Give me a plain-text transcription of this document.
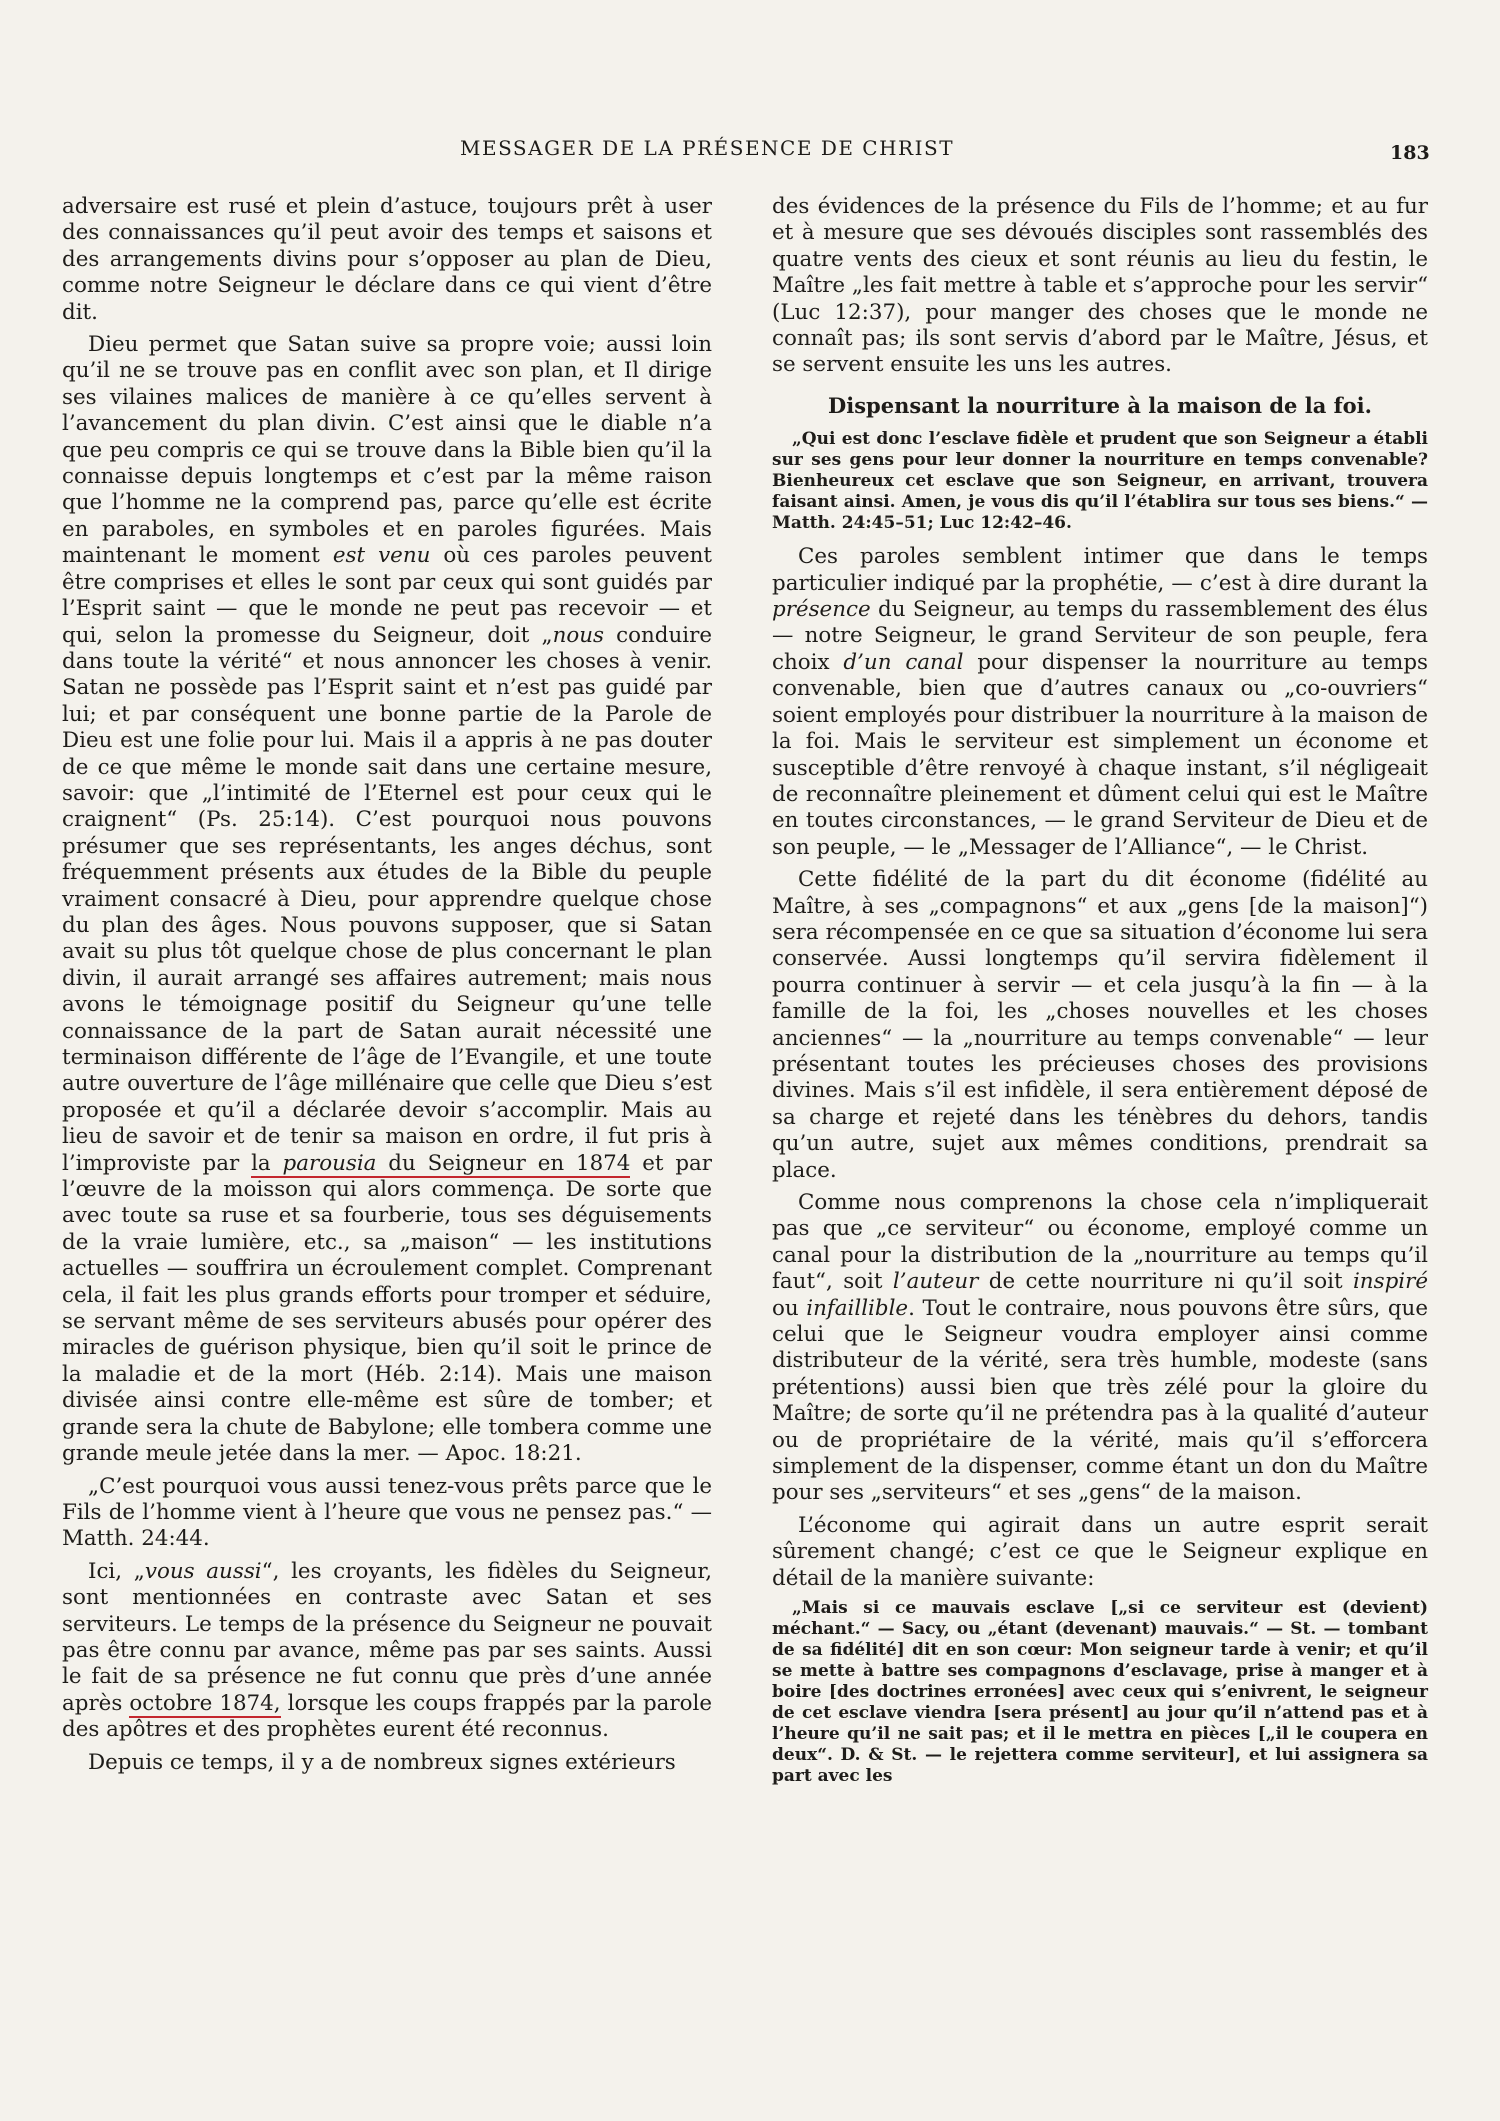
MESSAGER DE LA PRÉSENCE DE CHRIST	183

adversaire est rusé et plein d’astuce, toujours prêt à user des connaissances qu’il peut avoir des temps et saisons et des arrangements divins pour s’opposer au plan de Dieu, comme notre Seigneur le déclare dans ce qui vient d’être dit.

Dieu permet que Satan suive sa propre voie; aussi loin qu’il ne se trouve pas en conflit avec son plan, et Il dirige ses vilaines malices de manière à ce qu’elles servent à l’avancement du plan divin. C’est ainsi que le diable n’a que peu compris ce qui se trouve dans la Bible bien qu’il la connaisse depuis longtemps et c’est par la même raison que l’homme ne la comprend pas, parce qu’elle est écrite en paraboles, en symboles et en paroles figurées. Mais maintenant le moment est venu où ces paroles peuvent être comprises et elles le sont par ceux qui sont guidés par l’Esprit saint — que le monde ne peut pas recevoir — et qui, selon la promesse du Seigneur, doit „nous conduire dans toute la vérité“ et nous annoncer les choses à venir. Satan ne possède pas l’Esprit saint et n’est pas guidé par lui; et par conséquent une bonne partie de la Parole de Dieu est une folie pour lui. Mais il a appris à ne pas douter de ce que même le monde sait dans une certaine mesure, savoir: que „l’intimité de l’Eternel est pour ceux qui le craignent“ (Ps. 25:14). C’est pourquoi nous pouvons présumer que ses représentants, les anges déchus, sont fréquemment présents aux études de la Bible du peuple vraiment consacré à Dieu, pour apprendre quelque chose du plan des âges. Nous pouvons supposer, que si Satan avait su plus tôt quelque chose de plus concernant le plan divin, il aurait arrangé ses affaires autrement; mais nous avons le témoignage positif du Seigneur qu’une telle connaissance de la part de Satan aurait nécessité une terminaison différente de l’âge de l’Evangile, et une toute autre ouverture de l’âge millénaire que celle que Dieu s’est proposée et qu’il a déclarée devoir s’accomplir. Mais au lieu de savoir et de tenir sa maison en ordre, il fut pris à l’improviste par la parousia du Seigneur en 1874 et par l’œuvre de la moisson qui alors commença. De sorte que avec toute sa ruse et sa fourberie, tous ses déguisements de la vraie lumière, etc., sa „maison“ — les institutions actuelles — souffrira un écroulement complet. Comprenant cela, il fait les plus grands efforts pour tromper et séduire, se servant même de ses serviteurs abusés pour opérer des miracles de guérison physique, bien qu’il soit le prince de la maladie et de la mort (Héb. 2:14). Mais une maison divisée ainsi contre elle-même est sûre de tomber; et grande sera la chute de Babylone; elle tombera comme une grande meule jetée dans la mer. — Apoc. 18:21.

„C’est pourquoi vous aussi tenez-vous prêts parce que le Fils de l’homme vient à l’heure que vous ne pensez pas.“ — Matth. 24:44.

Ici, „vous aussi“, les croyants, les fidèles du Seigneur, sont mentionnées en contraste avec Satan et ses serviteurs. Le temps de la présence du Seigneur ne pouvait pas être connu par avance, même pas par ses saints. Aussi le fait de sa présence ne fut connu que près d’une année après octobre 1874, lorsque les coups frappés par la parole des apôtres et des prophètes eurent été reconnus.

Depuis ce temps, il y a de nombreux signes extérieurs

des évidences de la présence du Fils de l’homme; et au fur et à mesure que ses dévoués disciples sont rassemblés des quatre vents des cieux et sont réunis au lieu du festin, le Maître „les fait mettre à table et s’approche pour les servir“ (Luc 12:37), pour manger des choses que le monde ne connaît pas; ils sont servis d’abord par le Maître, Jésus, et se servent ensuite les uns les autres.

Dispensant la nourriture à la maison de la foi.
„Qui est donc l’esclave fidèle et prudent que son Seigneur a établi sur ses gens pour leur donner la nourriture en temps convenable? Bienheureux cet esclave que son Seigneur, en arrivant, trouvera faisant ainsi. Amen, je vous dis qu’il l’établira sur tous ses biens.“ — Matth. 24:45–51; Luc 12:42–46.

Ces paroles semblent intimer que dans le temps particulier indiqué par la prophétie, — c’est à dire durant la présence du Seigneur, au temps du rassemblement des élus — notre Seigneur, le grand Serviteur de son peuple, fera choix d’un canal pour dispenser la nourriture au temps convenable, bien que d’autres canaux ou „co-ouvriers“ soient employés pour distribuer la nourriture à la maison de la foi. Mais le serviteur est simplement un économe et susceptible d’être renvoyé à chaque instant, s’il négligeait de reconnaître pleinement et dûment celui qui est le Maître en toutes circonstances, — le grand Serviteur de Dieu et de son peuple, — le „Messager de l’Alliance“, — le Christ.

Cette fidélité de la part du dit économe (fidélité au Maître, à ses „compagnons“ et aux „gens [de la maison]“) sera récompensée en ce que sa situation d’économe lui sera conservée. Aussi longtemps qu’il servira fidèlement il pourra continuer à servir — et cela jusqu’à la fin — à la famille de la foi, les „choses nouvelles et les choses anciennes“ — la „nourriture au temps convenable“ — leur présentant toutes les précieuses choses des provisions divines. Mais s’il est infidèle, il sera entièrement déposé de sa charge et rejeté dans les ténèbres du dehors, tandis qu’un autre, sujet aux mêmes conditions, prendrait sa place.

Comme nous comprenons la chose cela n’impliquerait pas que „ce serviteur“ ou économe, employé comme un canal pour la distribution de la „nourriture au temps qu’il faut“, soit l’auteur de cette nourriture ni qu’il soit inspiré ou infaillible. Tout le contraire, nous pouvons être sûrs, que celui que le Seigneur voudra employer ainsi comme distributeur de la vérité, sera très humble, modeste (sans prétentions) aussi bien que très zélé pour la gloire du Maître; de sorte qu’il ne prétendra pas à la qualité d’auteur ou de propriétaire de la vérité, mais qu’il s’efforcera simplement de la dispenser, comme étant un don du Maître pour ses „serviteurs“ et ses „gens“ de la maison.

L’économe qui agirait dans un autre esprit serait sûrement changé; c’est ce que le Seigneur explique en détail de la manière suivante:

„Mais si ce mauvais esclave [„si ce serviteur est (devient) méchant.“ — Sacy, ou „étant (devenant) mauvais.“ — St. — tombant de sa fidélité] dit en son cœur: Mon seigneur tarde à venir; et qu’il se mette à battre ses compagnons d’esclavage, prise à manger et à boire [des doctrines erronées] avec ceux qui s’enivrent, le seigneur de cet esclave viendra [sera présent] au jour qu’il n’attend pas et à l’heure qu’il ne sait pas; et il le mettra en pièces [„il le coupera en deux“. D. & St. — le rejettera comme serviteur], et lui assignera sa part avec les
